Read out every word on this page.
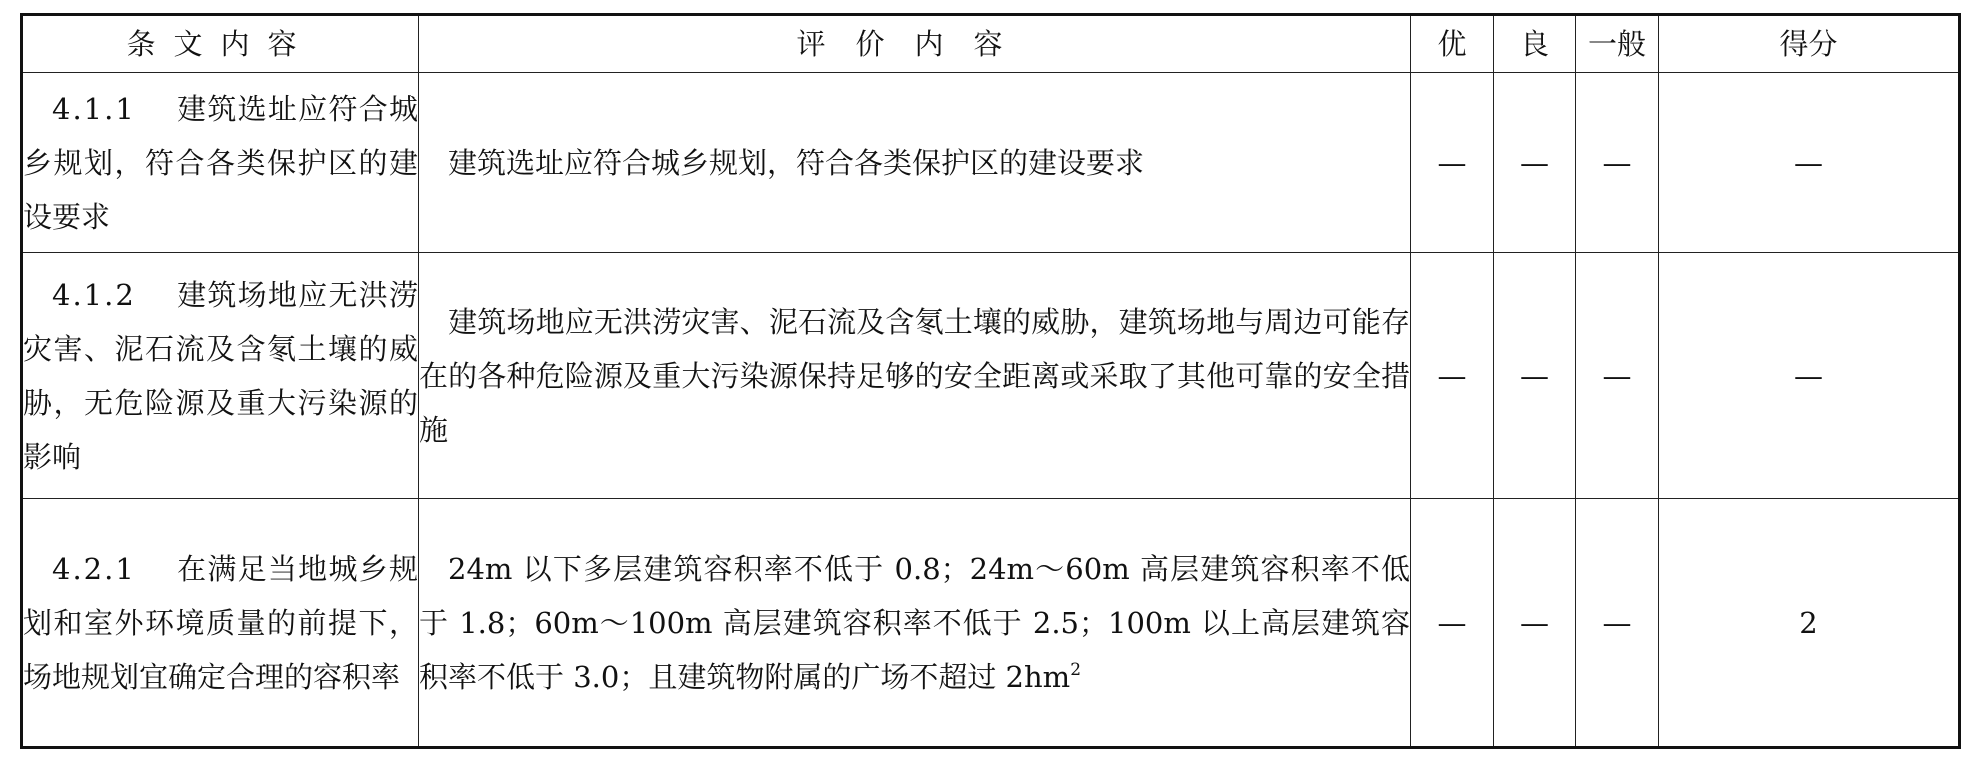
条文内容	评价内容	优	良	一般	得分
4.1.1 建筑选址应符合城乡规划，符合各类保护区的建设要求	建筑选址应符合城乡规划，符合各类保护区的建设要求	—	—	—	—
4.1.2 建筑场地应无洪涝灾害、泥石流及含氡土壤的威胁，无危险源及重大污染源的影响	建筑场地应无洪涝灾害、泥石流及含氡土壤的威胁，建筑场地与周边可能存在的各种危险源及重大污染源保持足够的安全距离或采取了其他可靠的安全措施	—	—	—	—
4.2.1 在满足当地城乡规划和室外环境质量的前提下，场地规划宜确定合理的容积率	24m 以下多层建筑容积率不低于 0.8；24m～60m 高层建筑容积率不低于 1.8；60m～100m 高层建筑容积率不低于 2.5；100m 以上高层建筑容积率不低于 3.0；且建筑物附属的广场不超过 $2hm^2$	—	—	—	2
